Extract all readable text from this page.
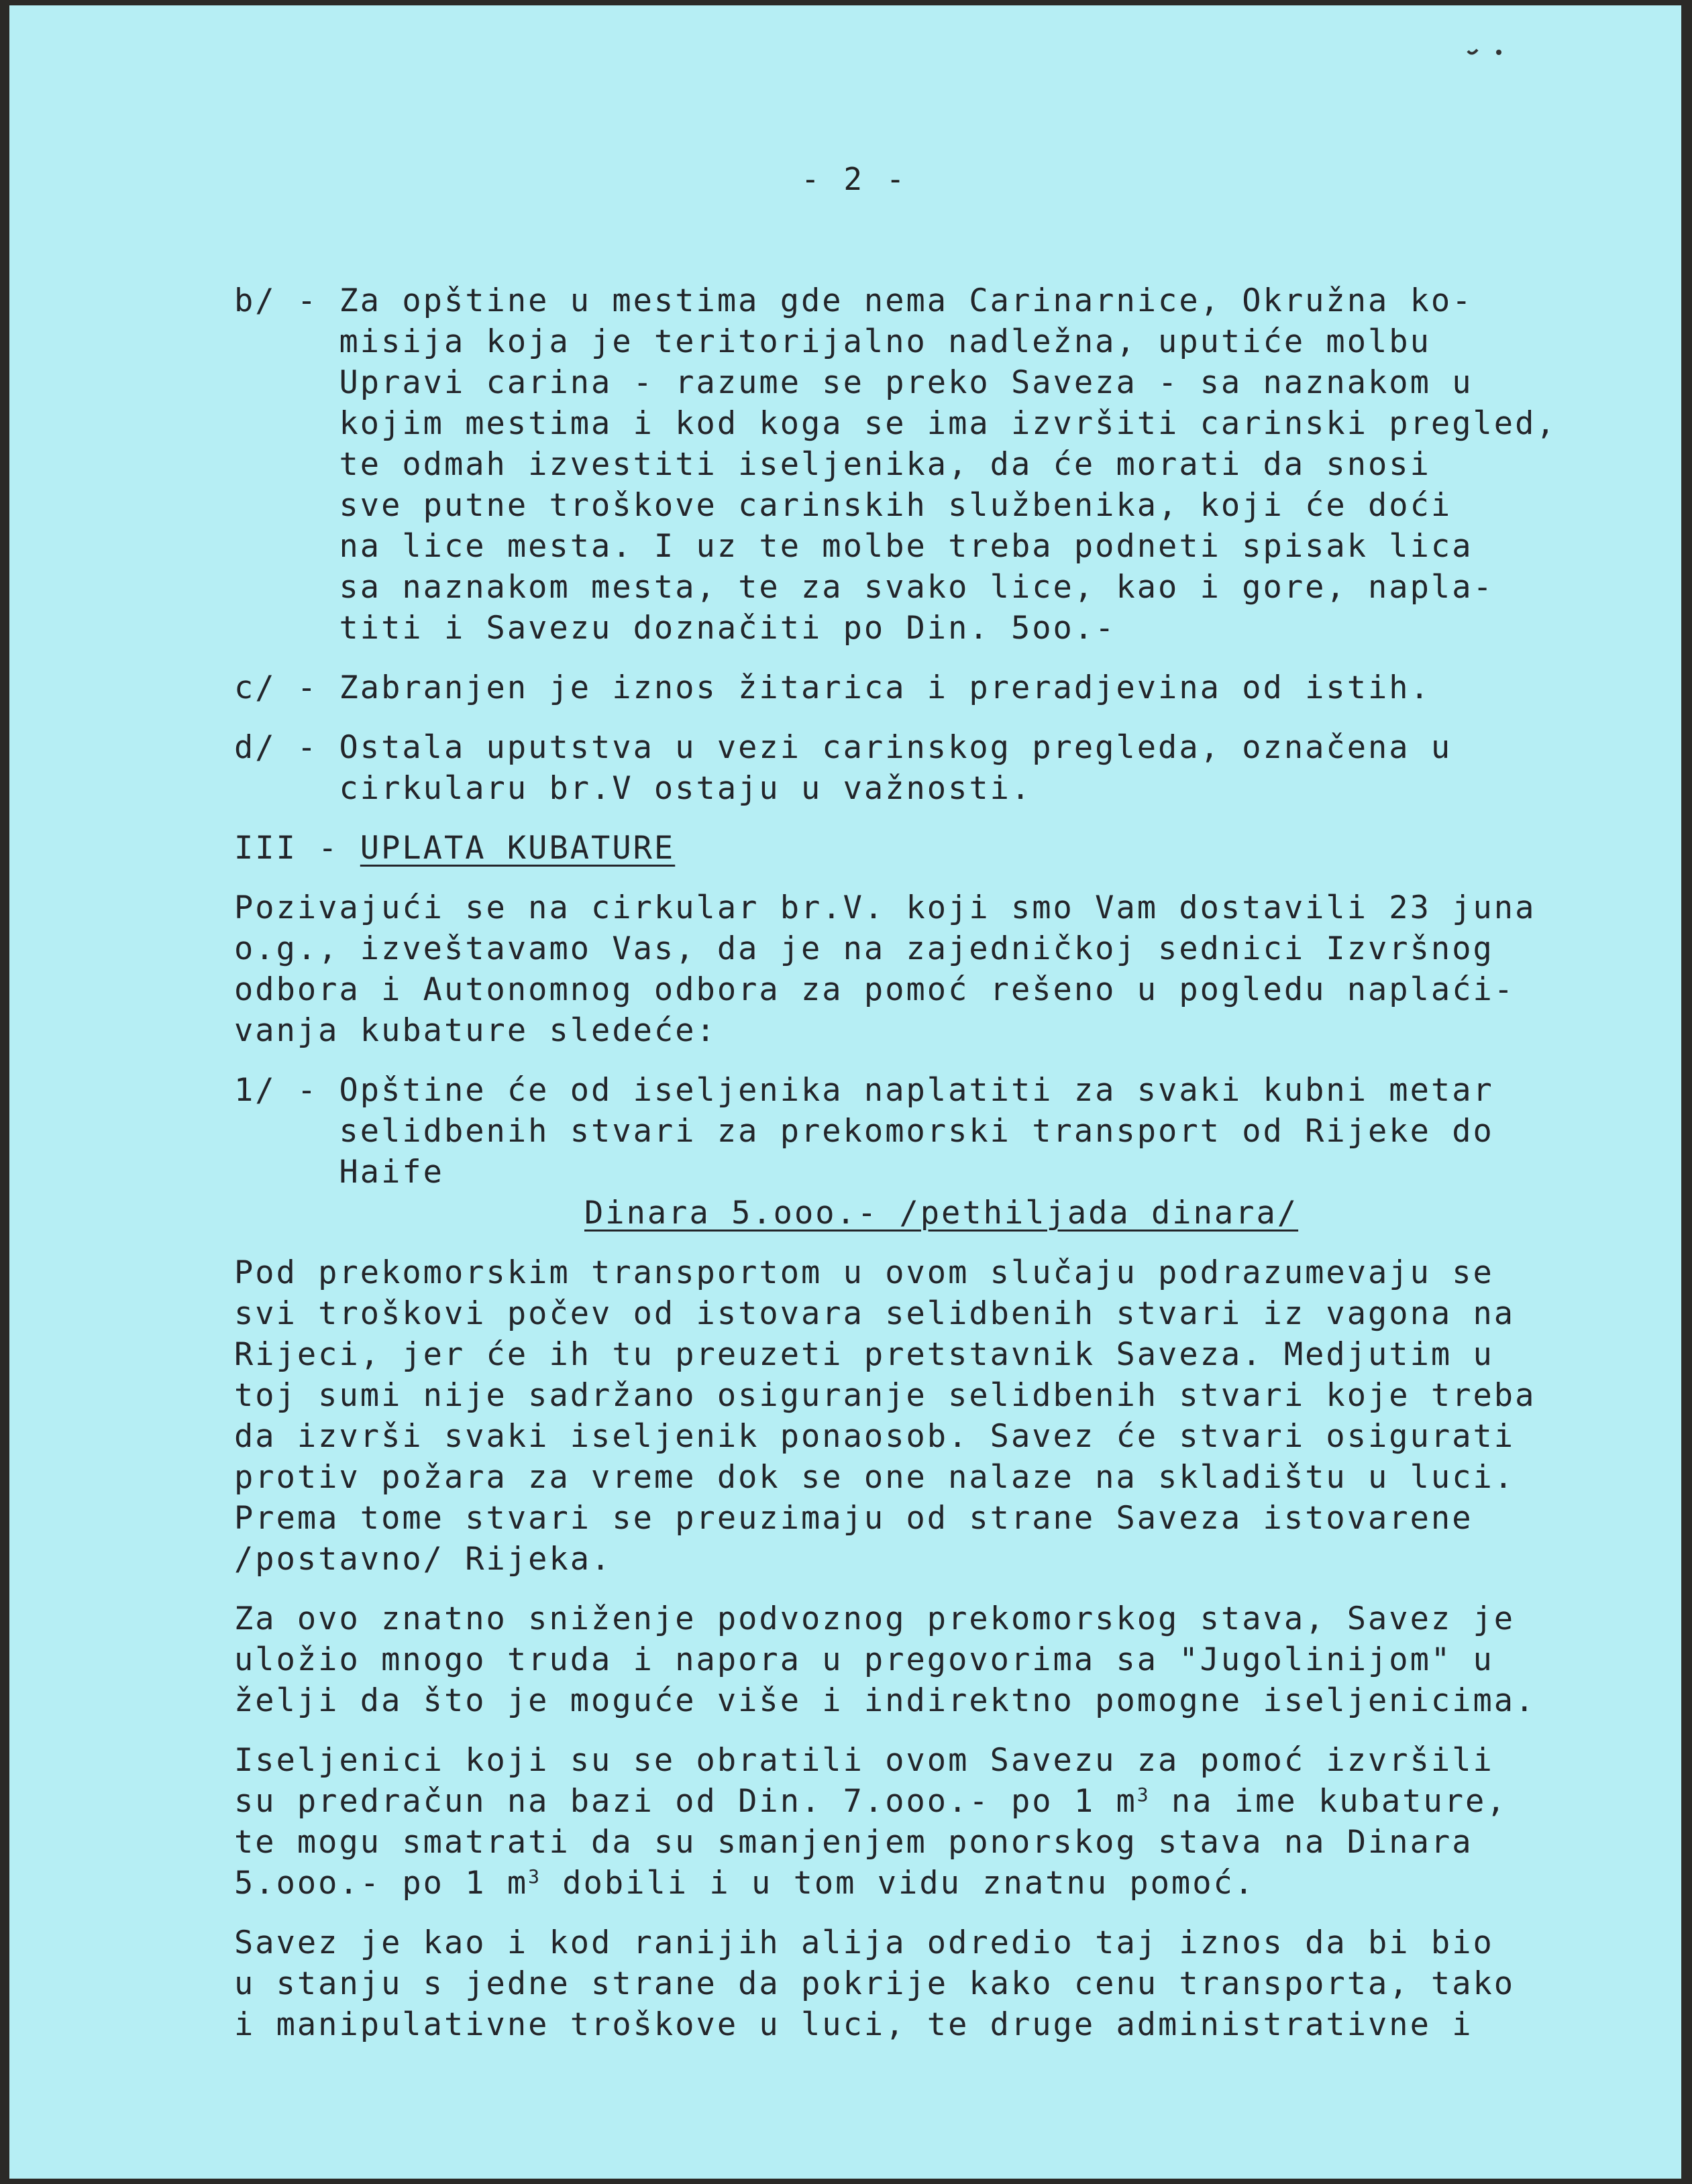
- 2 -
b/ - Za opštine u mestima gde nema Carinarnice, Okružna ko-
misija koja je teritorijalno nadležna, uputiće molbu
Upravi carina - razume se preko Saveza - sa naznakom u
kojim mestima i kod koga se ima izvršiti carinski pregled,
te odmah izvestiti iseljenika, da će morati da snosi
sve putne troškove carinskih službenika, koji će doći
na lice mesta. I uz te molbe treba podneti spisak lica
sa naznakom mesta, te za svako lice, kao i gore, napla-
titi i Savezu doznačiti po Din. 5oo.-
c/ - Zabranjen je iznos žitarica i preradjevina od istih.
d/ - Ostala uputstva u vezi carinskog pregleda, označena u
cirkularu br.V ostaju u važnosti.
III - UPLATA KUBATURE
Pozivajući se na cirkular br.V. koji smo Vam dostavili 23 juna
o.g., izveštavamo Vas, da je na zajedničkoj sednici Izvršnog
odbora i Autonomnog odbora za pomoć rešeno u pogledu naplaći-
vanja kubature sledeće:
1/ - Opštine će od iseljenika naplatiti za svaki kubni metar
selidbenih stvari za prekomorski transport od Rijeke do
Haife
Dinara 5.ooo.- /pethiljada dinara/
Pod prekomorskim transportom u ovom slučaju podrazumevaju se
svi troškovi počev od istovara selidbenih stvari iz vagona na
Rijeci, jer će ih tu preuzeti pretstavnik Saveza. Medjutim u
toj sumi nije sadržano osiguranje selidbenih stvari koje treba
da izvrši svaki iseljenik ponaosob. Savez će stvari osigurati
protiv požara za vreme dok se one nalaze na skladištu u luci.
Prema tome stvari se preuzimaju od strane Saveza istovarene
/postavno/ Rijeka.
Za ovo znatno sniženje podvoznog prekomorskog stava, Savez je
uložio mnogo truda i napora u pregovorima sa "Jugolinijom" u
želji da što je moguće više i indirektno pomogne iseljenicima.
Iseljenici koji su se obratili ovom Savezu za pomoć izvršili
su predračun na bazi od Din. 7.ooo.- po 1 $m^3$ na ime kubature,
te mogu smatrati da su smanjenjem ponorskog stava na Dinara
5.ooo.- po 1 $m^3$ dobili i u tom vidu znatnu pomoć.
Savez je kao i kod ranijih alija odredio taj iznos da bi bio
u stanju s jedne strane da pokrije kako cenu transporta, tako
i manipulativne troškove u luci, te druge administrativne i
